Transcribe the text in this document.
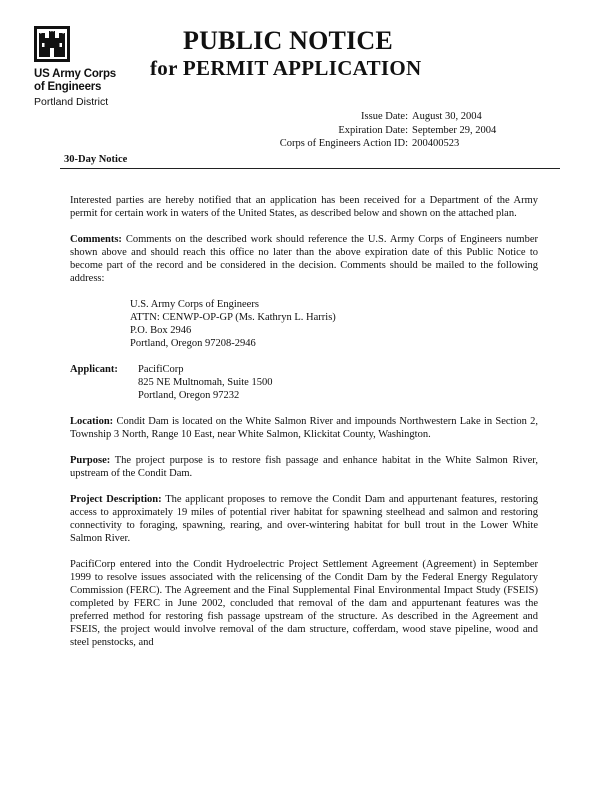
US Army Corps
of Engineers
Portland District
PUBLIC NOTICE
for PERMIT APPLICATION
Issue Date: August 30, 2004
Expiration Date: September 29, 2004
Corps of Engineers Action ID: 200400523
30-Day Notice

Interested parties are hereby notified that an application has been received for a Department of the Army permit for certain work in waters of the United States, as described below and shown on the attached plan.

Comments: Comments on the described work should reference the U.S. Army Corps of Engineers number shown above and should reach this office no later than the above expiration date of this Public Notice to become part of the record and be considered in the decision. Comments should be mailed to the following address:

U.S. Army Corps of Engineers
ATTN: CENWP-OP-GP (Ms. Kathryn L. Harris)
P.O. Box 2946
Portland, Oregon 97208-2946
Applicant:	PacifiCorp
825 NE Multnomah, Suite 1500
Portland, Oregon 97232

Location: Condit Dam is located on the White Salmon River and impounds Northwestern Lake in Section 2, Township 3 North, Range 10 East, near White Salmon, Klickitat County, Washington.

Purpose: The project purpose is to restore fish passage and enhance habitat in the White Salmon River, upstream of the Condit Dam.

Project Description: The applicant proposes to remove the Condit Dam and appurtenant features, restoring access to approximately 19 miles of potential river habitat for spawning steelhead and salmon and restoring connectivity to foraging, spawning, rearing, and over-wintering habitat for bull trout in the Lower White Salmon River.

PacifiCorp entered into the Condit Hydroelectric Project Settlement Agreement (Agreement) in September 1999 to resolve issues associated with the relicensing of the Condit Dam by the Federal Energy Regulatory Commission (FERC). The Agreement and the Final Supplemental Final Environmental Impact Study (FSEIS) completed by FERC in June 2002, concluded that removal of the dam and appurtenant features was the preferred method for restoring fish passage upstream of the structure. As described in the Agreement and FSEIS, the project would involve removal of the dam structure, cofferdam, wood stave pipeline, wood and steel penstocks, and
